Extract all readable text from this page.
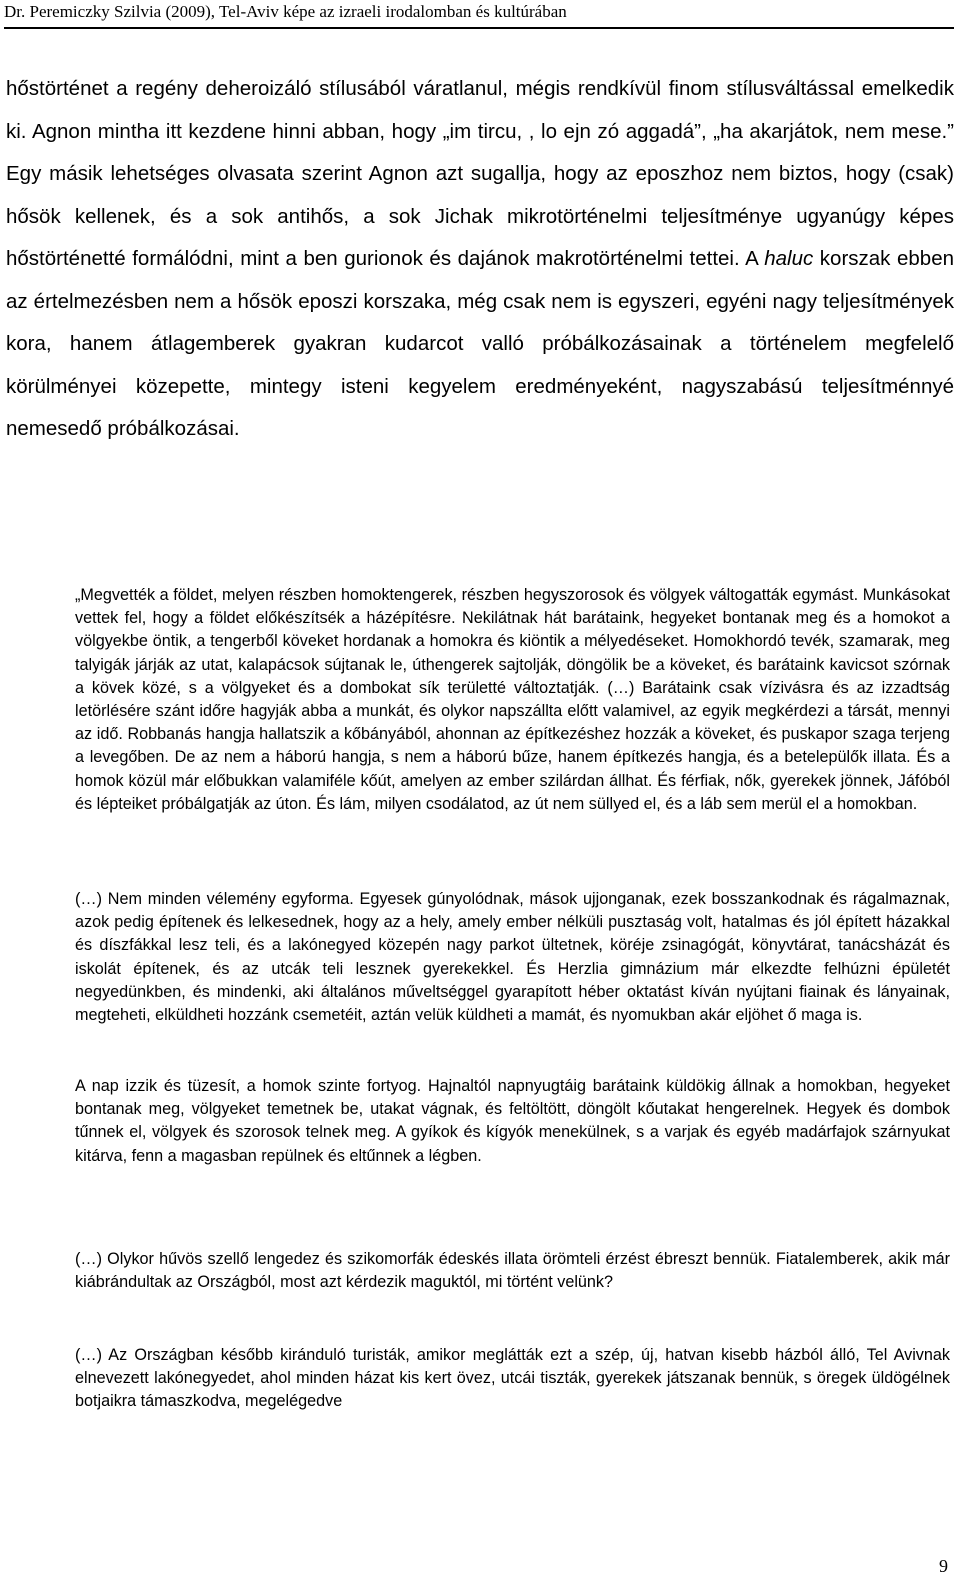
Dr. Peremiczky Szilvia (2009), Tel-Aviv képe az izraeli irodalomban és kultúrában

hőstörténet a regény deheroizáló stílusából váratlanul, mégis rendkívül finom stílusváltással emelkedik ki. Agnon mintha itt kezdene hinni abban, hogy „im tircu, , lo ejn zó aggadá”, „ha akarjátok, nem mese.” Egy másik lehetséges olvasata szerint Agnon azt sugallja, hogy az eposzhoz nem biztos, hogy (csak) hősök kellenek, és a sok antihős, a sok Jichak mikrotörténelmi teljesítménye ugyanúgy képes hőstörténetté formálódni, mint a ben gurionok és dajánok makrotörténelmi tettei. A haluc korszak ebben az értelmezésben nem a hősök eposzi korszaka, még csak nem is egyszeri, egyéni nagy teljesítmények kora, hanem átlagemberek gyakran kudarcot valló próbálkozásainak a történelem megfelelő körülményei közepette, mintegy isteni kegyelem eredményeként, nagyszabású teljesítménnyé nemesedő próbálkozásai.

„Megvették a földet, melyen részben homoktengerek, részben hegyszorosok és völgyek váltogatták egymást. Munkásokat vettek fel, hogy a földet előkészítsék a házépítésre. Nekilátnak hát barátaink, hegyeket bontanak meg és a homokot a völgyekbe öntik, a tengerből köveket hordanak a homokra és kiöntik a mélyedéseket. Homokhordó tevék, szamarak, meg talyigák járják az utat, kalapácsok sújtanak le, úthengerek sajtolják, döngölik be a köveket, és barátaink kavicsot szórnak a kövek közé, s a völgyeket és a dombokat sík területté változtatják. (…) Barátaink csak vízivásra és az izzadtság letörlésére szánt időre hagyják abba a munkát, és olykor napszállta előtt valamivel, az egyik megkérdezi a társát, mennyi az idő. Robbanás hangja hallatszik a kőbányából, ahonnan az építkezéshez hozzák a köveket, és puskapor szaga terjeng a levegőben. De az nem a háború hangja, s nem a háború bűze, hanem építkezés hangja, és a betelepülők illata. És a homok közül már előbukkan valamiféle kőút, amelyen az ember szilárdan állhat. És férfiak, nők, gyerekek jönnek, Jáfóból és lépteiket próbálgatják az úton. És lám, milyen csodálatod, az út nem süllyed el, és a láb sem merül el a homokban.

(…) Nem minden vélemény egyforma. Egyesek gúnyolódnak, mások ujjonganak, ezek bosszankodnak és rágalmaznak, azok pedig építenek és lelkesednek, hogy az a hely, amely ember nélküli pusztaság volt, hatalmas és jól épített házakkal és díszfákkal lesz teli, és a lakónegyed közepén nagy parkot ültetnek, köréje zsinagógát, könyvtárat, tanácsházát és iskolát építenek, és az utcák teli lesznek gyerekekkel. És Herzlia gimnázium már elkezdte felhúzni épületét negyedünkben, és mindenki, aki általános műveltséggel gyarapított héber oktatást kíván nyújtani fiainak és lányainak, megteheti, elküldheti hozzánk csemetéit, aztán velük küldheti a mamát, és nyomukban akár eljöhet ő maga is.

A nap izzik és tüzesít, a homok szinte fortyog. Hajnaltól napnyugtáig barátaink küldökig állnak a homokban, hegyeket bontanak meg, völgyeket temetnek be, utakat vágnak, és feltöltött, döngölt kőutakat hengerelnek. Hegyek és dombok tűnnek el, völgyek és szorosok telnek meg. A gyíkok és kígyók menekülnek, s a varjak és egyéb madárfajok szárnyukat kitárva, fenn a magasban repülnek és eltűnnek a légben.

(…) Olykor hűvös szellő lengedez és szikomorfák édeskés illata örömteli érzést ébreszt bennük. Fiatalemberek, akik már kiábrándultak az Országból, most azt kérdezik maguktól, mi történt velünk?

(…) Az Országban később kiránduló turisták, amikor meglátták ezt a szép, új, hatvan kisebb házból álló, Tel Avivnak elnevezett lakónegyedet, ahol minden házat kis kert övez, utcái tiszták, gyerekek játszanak bennük, s öregek üldögélnek botjaikra támaszkodva, megelégedve

9
